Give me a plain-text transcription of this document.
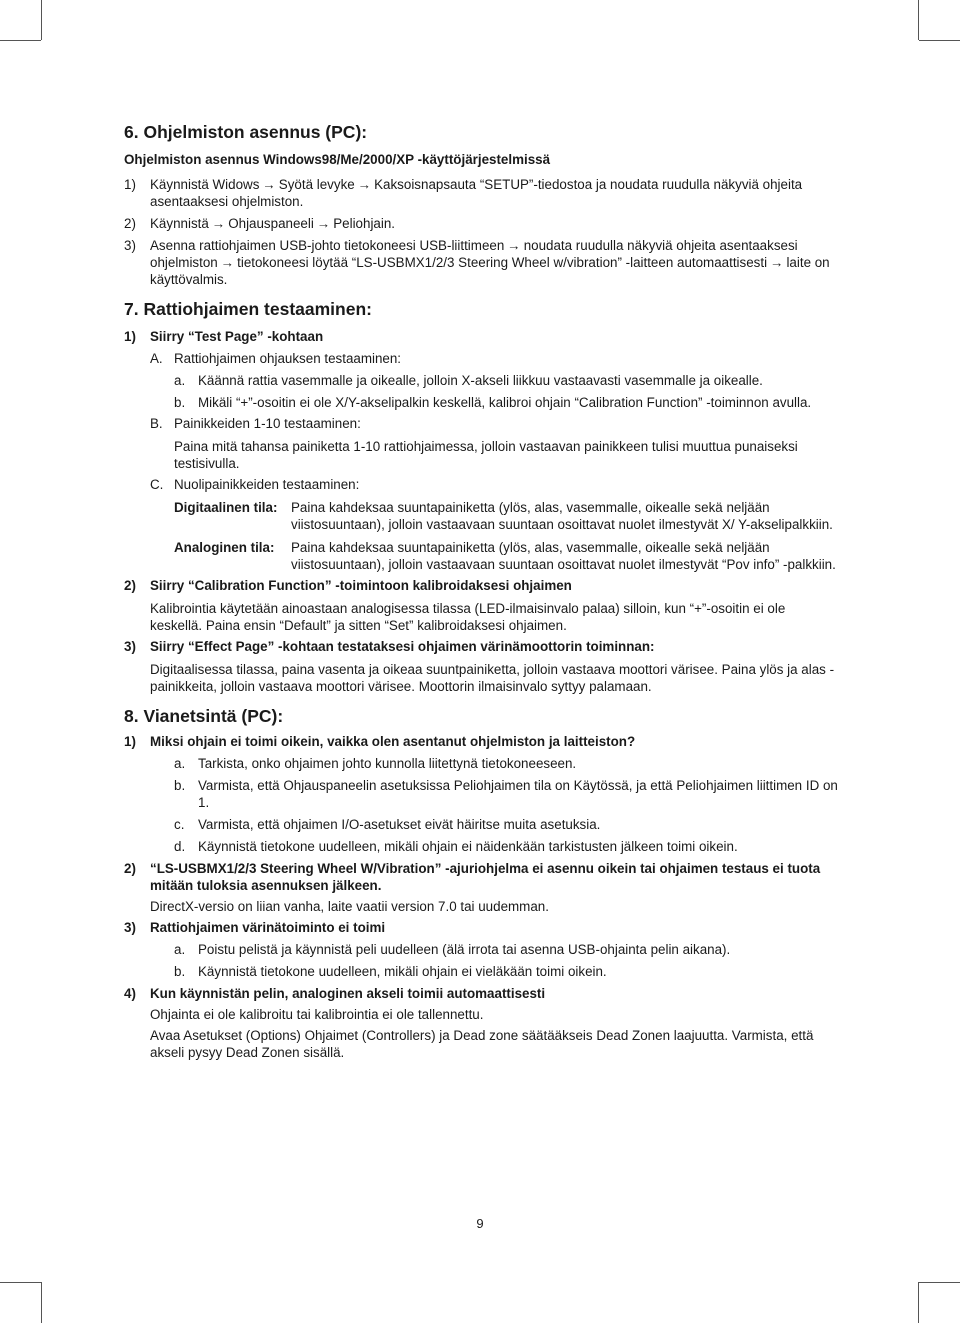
6. Ohjelmiston asennus (PC):

Ohjelmiston asennus Windows98/Me/2000/XP -käyttöjärjestelmissä

1)	Käynnistä Widows → Syötä levyke → Kaksoisnapsauta “SETUP”-tiedostoa ja noudata ruudulla näkyviä ohjeita asentaaksesi ohjelmiston.
2)	Käynnistä → Ohjauspaneeli → Peliohjain.
3)	Asenna rattiohjaimen USB-johto tietokoneesi USB-liittimeen → noudata ruudulla näkyviä ohjeita asentaaksesi ohjelmiston → tietokoneesi löytää “LS-USBMX1/2/3 Steering Wheel w/vibration” -laitteen automaattisesti → laite on käyttövalmis.
7. Rattiohjaimen testaaminen:
1)	Siirry “Test Page” -kohtaan
A. Rattiohjaimen ohjauksen testaaminen:
a. Käännä rattia vasemmalle ja oikealle, jolloin X-akseli liikkuu vastaavasti vasemmalle ja oikealle.
b. Mikäli “+”-osoitin ei ole X/Y-akselipalkin keskellä, kalibroi ohjain “Calibration Function” -toiminnon avulla.
B. Painikkeiden 1-10 testaaminen:

Paina mitä tahansa painiketta 1-10 rattiohjaimessa, jolloin vastaavan painikkeen tulisi muuttua punaiseksi testisivulla.

C. Nuolipainikkeiden testaaminen:
Digitaalinen tila:	Paina kahdeksaa suuntapainiketta (ylös, alas, vasemmalle, oikealle sekä neljään viistosuuntaan), jolloin vastaavaan suuntaan osoittavat nuolet ilmestyvät X/ Y-akselipalkkiin.
Analoginen tila:	Paina kahdeksaa suuntapainiketta (ylös, alas, vasemmalle, oikealle sekä neljään viistosuuntaan), jolloin vastaavaan suuntaan osoittavat nuolet ilmestyvät “Pov info” -palkkiin.
2)	Siirry “Calibration Function” -toimintoon kalibroidaksesi ohjaimen

Kalibrointia käytetään ainoastaan analogisessa tilassa (LED-ilmaisinvalo palaa) silloin, kun “+”-osoitin ei ole keskellä. Paina ensin “Default” ja sitten “Set” kalibroidaksesi ohjaimen.

3)	Siirry “Effect Page” -kohtaan testataksesi ohjaimen värinämoottorin toiminnan:

Digitaalisessa tilassa, paina vasenta ja oikeaa suuntpainiketta, jolloin vastaava moottori värisee. Paina ylös ja alas -painikkeita, jolloin vastaava moottori värisee. Moottorin ilmaisinvalo syttyy palamaan.

8. Vianetsintä (PC):
1)	Miksi ohjain ei toimi oikein, vaikka olen asentanut ohjelmiston ja laitteiston?
a. Tarkista, onko ohjaimen johto kunnolla liitettynä tietokoneeseen.
b. Varmista, että Ohjauspaneelin asetuksissa Peliohjaimen tila on Käytössä, ja että Peliohjaimen liittimen ID on 1.
c.	Varmista, että ohjaimen I/O-asetukset eivät häiritse muita asetuksia.
d. Käynnistä tietokone uudelleen, mikäli ohjain ei näidenkään tarkistusten jälkeen toimi oikein.
2)	“LS-USBMX1/2/3 Steering Wheel W/Vibration” -ajuriohjelma ei asennu oikein tai ohjaimen testaus ei tuota mitään tuloksia asennuksen jälkeen.

DirectX-versio on liian vanha, laite vaatii version 7.0 tai uudemman.

3)	Rattiohjaimen värinätoiminto ei toimi
a. Poistu pelistä ja käynnistä peli uudelleen (älä irrota tai asenna USB-ohjainta pelin aikana).
b. Käynnistä tietokone uudelleen, mikäli ohjain ei vieläkään toimi oikein.
4)	Kun käynnistän pelin, analoginen akseli toimii automaattisesti

Ohjainta ei ole kalibroitu tai kalibrointia ei ole tallennettu.

Avaa Asetukset (Options) Ohjaimet (Controllers) ja Dead zone säätääkseis Dead Zonen laajuutta. Varmista, että akseli pysyy Dead Zonen sisällä.

9
